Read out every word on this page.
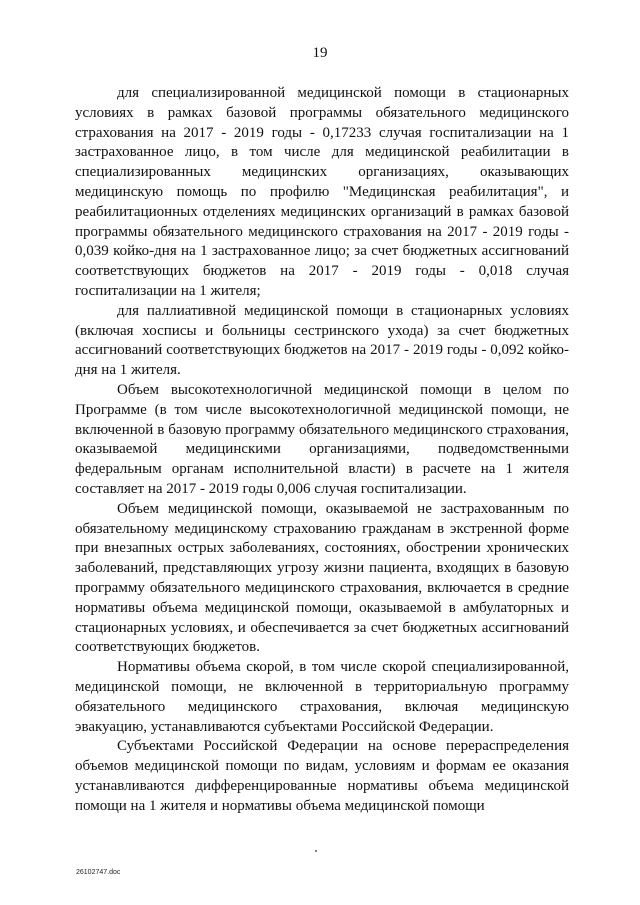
19

для специализированной медицинской помощи в стационарных условиях в рамках базовой программы обязательного медицинского страхования на 2017 - 2019 годы - 0,17233 случая госпитализации на 1 застрахованное лицо, в том числе для медицинской реабилитации в специализированных медицинских организациях, оказывающих медицинскую помощь по профилю "Медицинская реабилитация", и реабилитационных отделениях медицинских организаций в рамках базовой программы обязательного медицинского страхования на 2017 - 2019 годы - 0,039 койко-дня на 1 застрахованное лицо; за счет бюджетных ассигнований соответствующих бюджетов на 2017 - 2019 годы - 0,018 случая госпитализации на 1 жителя;

для паллиативной медицинской помощи в стационарных условиях (включая хосписы и больницы сестринского ухода) за счет бюджетных ассигнований соответствующих бюджетов на 2017 - 2019 годы - 0,092 койко-дня на 1 жителя.

Объем высокотехнологичной медицинской помощи в целом по Программе (в том числе высокотехнологичной медицинской помощи, не включенной в базовую программу обязательного медицинского страхования, оказываемой медицинскими организациями, подведомственными федеральным органам исполнительной власти) в расчете на 1 жителя составляет на 2017 - 2019 годы 0,006 случая госпитализации.

Объем медицинской помощи, оказываемой не застрахованным по обязательному медицинскому страхованию гражданам в экстренной форме при внезапных острых заболеваниях, состояниях, обострении хронических заболеваний, представляющих угрозу жизни пациента, входящих в базовую программу обязательного медицинского страхования, включается в средние нормативы объема медицинской помощи, оказываемой в амбулаторных и стационарных условиях, и обеспечивается за счет бюджетных ассигнований соответствующих бюджетов.

Нормативы объема скорой, в том числе скорой специализированной, медицинской помощи, не включенной в территориальную программу обязательного медицинского страхования, включая медицинскую эвакуацию, устанавливаются субъектами Российской Федерации.

Субъектами Российской Федерации на основе перераспределения объемов медицинской помощи по видам, условиям и формам ее оказания устанавливаются дифференцированные нормативы объема медицинской помощи на 1 жителя и нормативы объема медицинской помощи

26102747.doc
